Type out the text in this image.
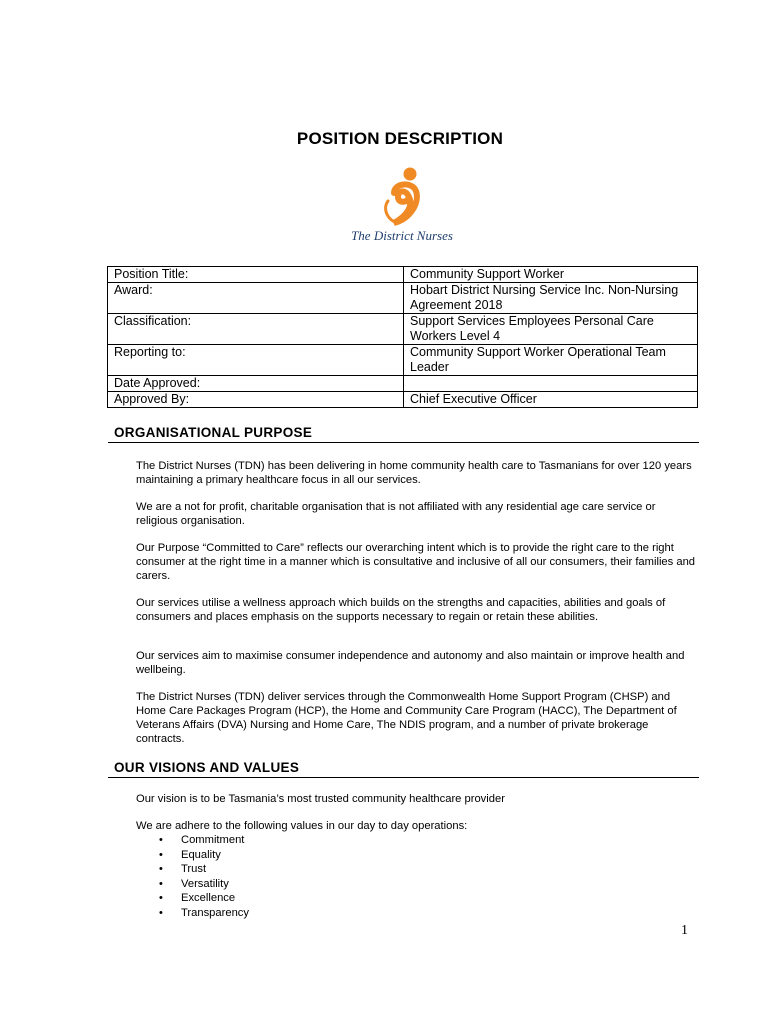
POSITION DESCRIPTION
The District Nurses
Position Title:	Community Support Worker
Award:	Hobart District Nursing Service Inc. Non-Nursing Agreement 2018
Classification:	Support Services Employees Personal Care Workers Level 4
Reporting to:	Community Support Worker Operational Team Leader
Date Approved:	
Approved By:	Chief Executive Officer
ORGANISATIONAL PURPOSE
The District Nurses (TDN) has been delivering in home community health care to Tasmanians for over 120 years maintaining a primary healthcare focus in all our services.
We are a not for profit, charitable organisation that is not affiliated with any residential age care service or religious organisation.
Our Purpose “Committed to Care” reflects our overarching intent which is to provide the right care to the right consumer at the right time in a manner which is consultative and inclusive of all our consumers, their families and carers.
Our services utilise a wellness approach which builds on the strengths and capacities, abilities and goals of consumers and places emphasis on the supports necessary to regain or retain these abilities.
Our services aim to maximise consumer independence and autonomy and also maintain or improve health and wellbeing.
The District Nurses (TDN) deliver services through the Commonwealth Home Support Program (CHSP) and Home Care Packages Program (HCP), the Home and Community Care Program (HACC), The Department of Veterans Affairs (DVA) Nursing and Home Care, The NDIS program, and a number of private brokerage contracts.
OUR VISIONS AND VALUES
Our vision is to be Tasmania’s most trusted community healthcare provider
We are adhere to the following values in our day to day operations:
• Commitment
• Equality
• Trust
• Versatility
• Excellence
• Transparency
1
